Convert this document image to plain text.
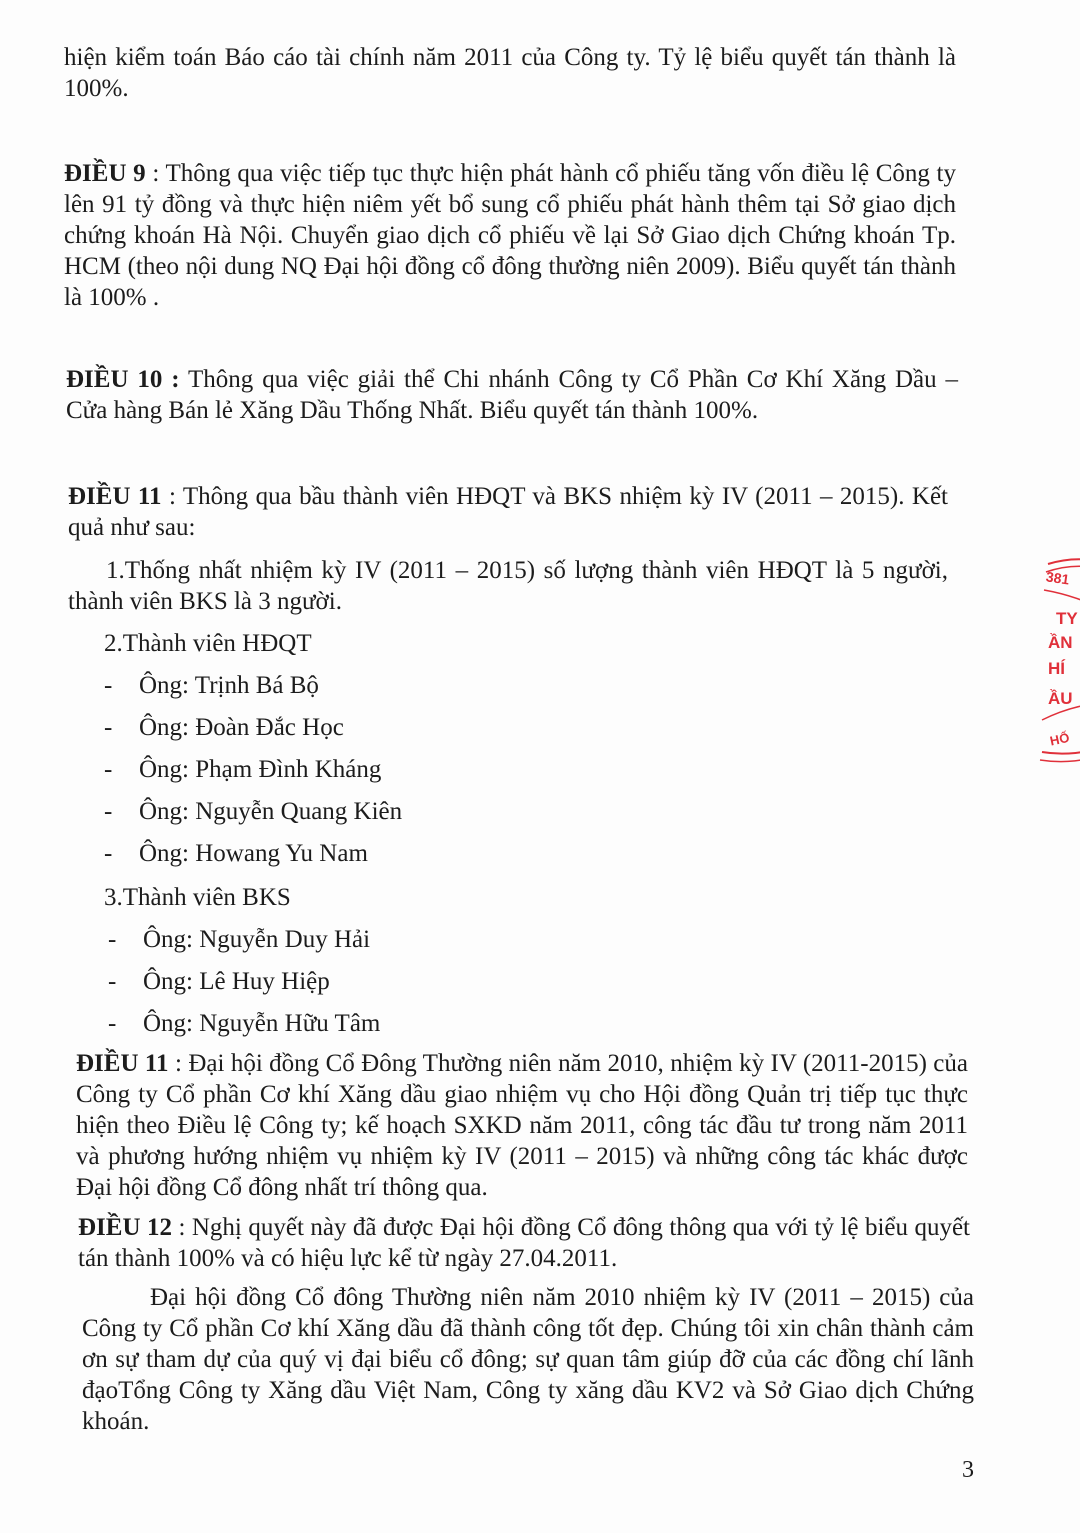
hiện kiểm toán Báo cáo tài chính năm 2011 của Công ty. Tỷ lệ biểu quyết tán thành là 100%.

ĐIỀU 9 : Thông qua việc tiếp tục thực hiện phát hành cổ phiếu tăng vốn điều lệ Công ty lên 91 tỷ đồng và thực hiện niêm yết bổ sung cổ phiếu phát hành thêm tại Sở giao dịch chứng khoán Hà Nội. Chuyển giao dịch cổ phiếu về lại Sở Giao dịch Chứng khoán Tp. HCM (theo nội dung NQ Đại hội đồng cổ đông thường niên 2009). Biểu quyết tán thành là 100% .

ĐIỀU 10 : Thông qua việc giải thể Chi nhánh Công ty Cổ Phần Cơ Khí Xăng Dầu – Cửa hàng Bán lẻ Xăng Dầu Thống Nhất. Biểu quyết tán thành 100%.

ĐIỀU 11 : Thông qua bầu thành viên HĐQT và BKS nhiệm kỳ IV (2011 – 2015). Kết quả như sau:

1.Thống nhất nhiệm kỳ IV (2011 – 2015) số lượng thành viên HĐQT là 5 người, thành viên BKS là 3 người.

2.Thành viên HĐQT

- Ông: Trịnh Bá Bộ

- Ông: Đoàn Đắc Học

- Ông: Phạm Đình Kháng

- Ông: Nguyễn Quang Kiên

- Ông: Howang Yu Nam

3.Thành viên BKS

- Ông: Nguyễn Duy Hải

- Ông: Lê Huy Hiệp

- Ông: Nguyễn Hữu Tâm

ĐIỀU 11 : Đại hội đồng Cổ Đông Thường niên năm 2010, nhiệm kỳ IV (2011-2015) của Công ty Cổ phần Cơ khí Xăng dầu giao nhiệm vụ cho Hội đồng Quản trị tiếp tục thực hiện theo Điều lệ Công ty; kế hoạch SXKD năm 2011, công tác đầu tư trong năm 2011 và phương hướng nhiệm vụ nhiệm kỳ IV (2011 – 2015) và những công tác khác được Đại hội đồng Cổ đông nhất trí thông qua.

ĐIỀU 12 : Nghị quyết này đã được Đại hội đồng Cổ đông thông qua với tỷ lệ biểu quyết tán thành 100% và có hiệu lực kể từ ngày 27.04.2011.

Đại hội đồng Cổ đông Thường niên năm 2010 nhiệm kỳ IV (2011 – 2015) của Công ty Cổ phần Cơ khí Xăng dầu đã thành công tốt đẹp. Chúng tôi xin chân thành cảm ơn sự tham dự của quý vị đại biểu cổ đông; sự quan tâm giúp đỡ của các đồng chí lãnh đạoTổng Công ty Xăng dầu Việt Nam, Công ty xăng dầu KV2 và Sở Giao dịch Chứng khoán.

3
381
TY
ẦN
HÍ
ẦU
HỐ
